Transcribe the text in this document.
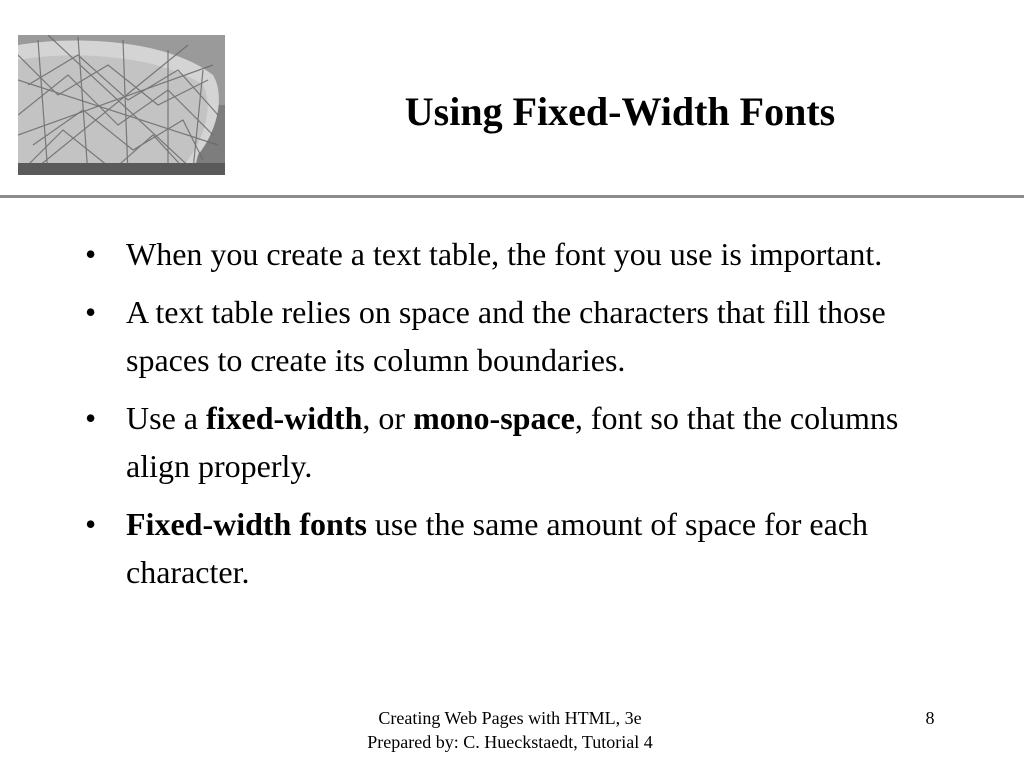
Using Fixed-Width Fonts
• When you create a text table, the font you use is important.
• A text table relies on space and the characters that fill those spaces to create its column boundaries.
• Use a fixed-width, or mono-space, font so that the columns align properly.
• Fixed-width fonts use the same amount of space for each character.
Creating Web Pages with HTML, 3e
Prepared by: C. Hueckstaedt, Tutorial 4
8
